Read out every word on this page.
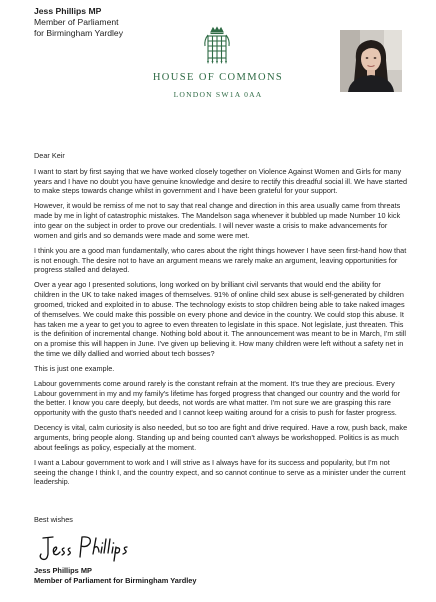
Jess Phillips MP
Member of Parliament
for Birmingham Yardley
HOUSE OF COMMONS
LONDON SW1A 0AA

Dear Keir

I want to start by first saying that we have worked closely together on Violence Against Women and Girls for many years and I have no doubt you have genuine knowledge and desire to rectify this dreadful social ill. We have started to make steps towards change whilst in government and I have been grateful for your support.

However, it would be remiss of me not to say that real change and direction in this area usually came from threats made by me in light of catastrophic mistakes. The Mandelson saga whenever it bubbled up made Number 10 kick into gear on the subject in order to prove our credentials. I will never waste a crisis to make advancements for women and girls and so demands were made and some were met.

I think you are a good man fundamentally, who cares about the right things however I have seen first-hand how that is not enough. The desire not to have an argument means we rarely make an argument, leaving opportunities for progress stalled and delayed.

Over a year ago I presented solutions, long worked on by brilliant civil servants that would end the ability for children in the UK to take naked images of themselves. 91% of online child sex abuse is self-generated by children groomed, tricked and exploited in to abuse. The technology exists to stop children being able to take naked images of themselves. We could make this possible on every phone and device in the country. We could stop this abuse. It has taken me a year to get you to agree to even threaten to legislate in this space. Not legislate, just threaten. This is the definition of incremental change. Nothing bold about it. The announcement was meant to be in March, I'm still on a promise this will happen in June. I've given up believing it. How many children were left without a safety net in the time we dilly dallied and worried about tech bosses?

This is just one example.

Labour governments come around rarely is the constant refrain at the moment. It's true they are precious. Every Labour government in my and my family's lifetime has forged progress that changed our country and the world for the better. I know you care deeply, but deeds, not words are what matter. I'm not sure we are grasping this rare opportunity with the gusto that's needed and I cannot keep waiting around for a crisis to push for faster progress.

Decency is vital, calm curiosity is also needed, but so too are fight and drive required. Have a row, push back, make arguments, bring people along. Standing up and being counted can't always be workshopped. Politics is as much about feelings as policy, especially at the moment.

I want a Labour government to work and I will strive as I always have for its success and popularity, but I'm not seeing the change I think I, and the country expect, and so cannot continue to serve as a minister under the current leadership.

Best wishes
Jess Phillips MP
Member of Parliament for Birmingham Yardley
